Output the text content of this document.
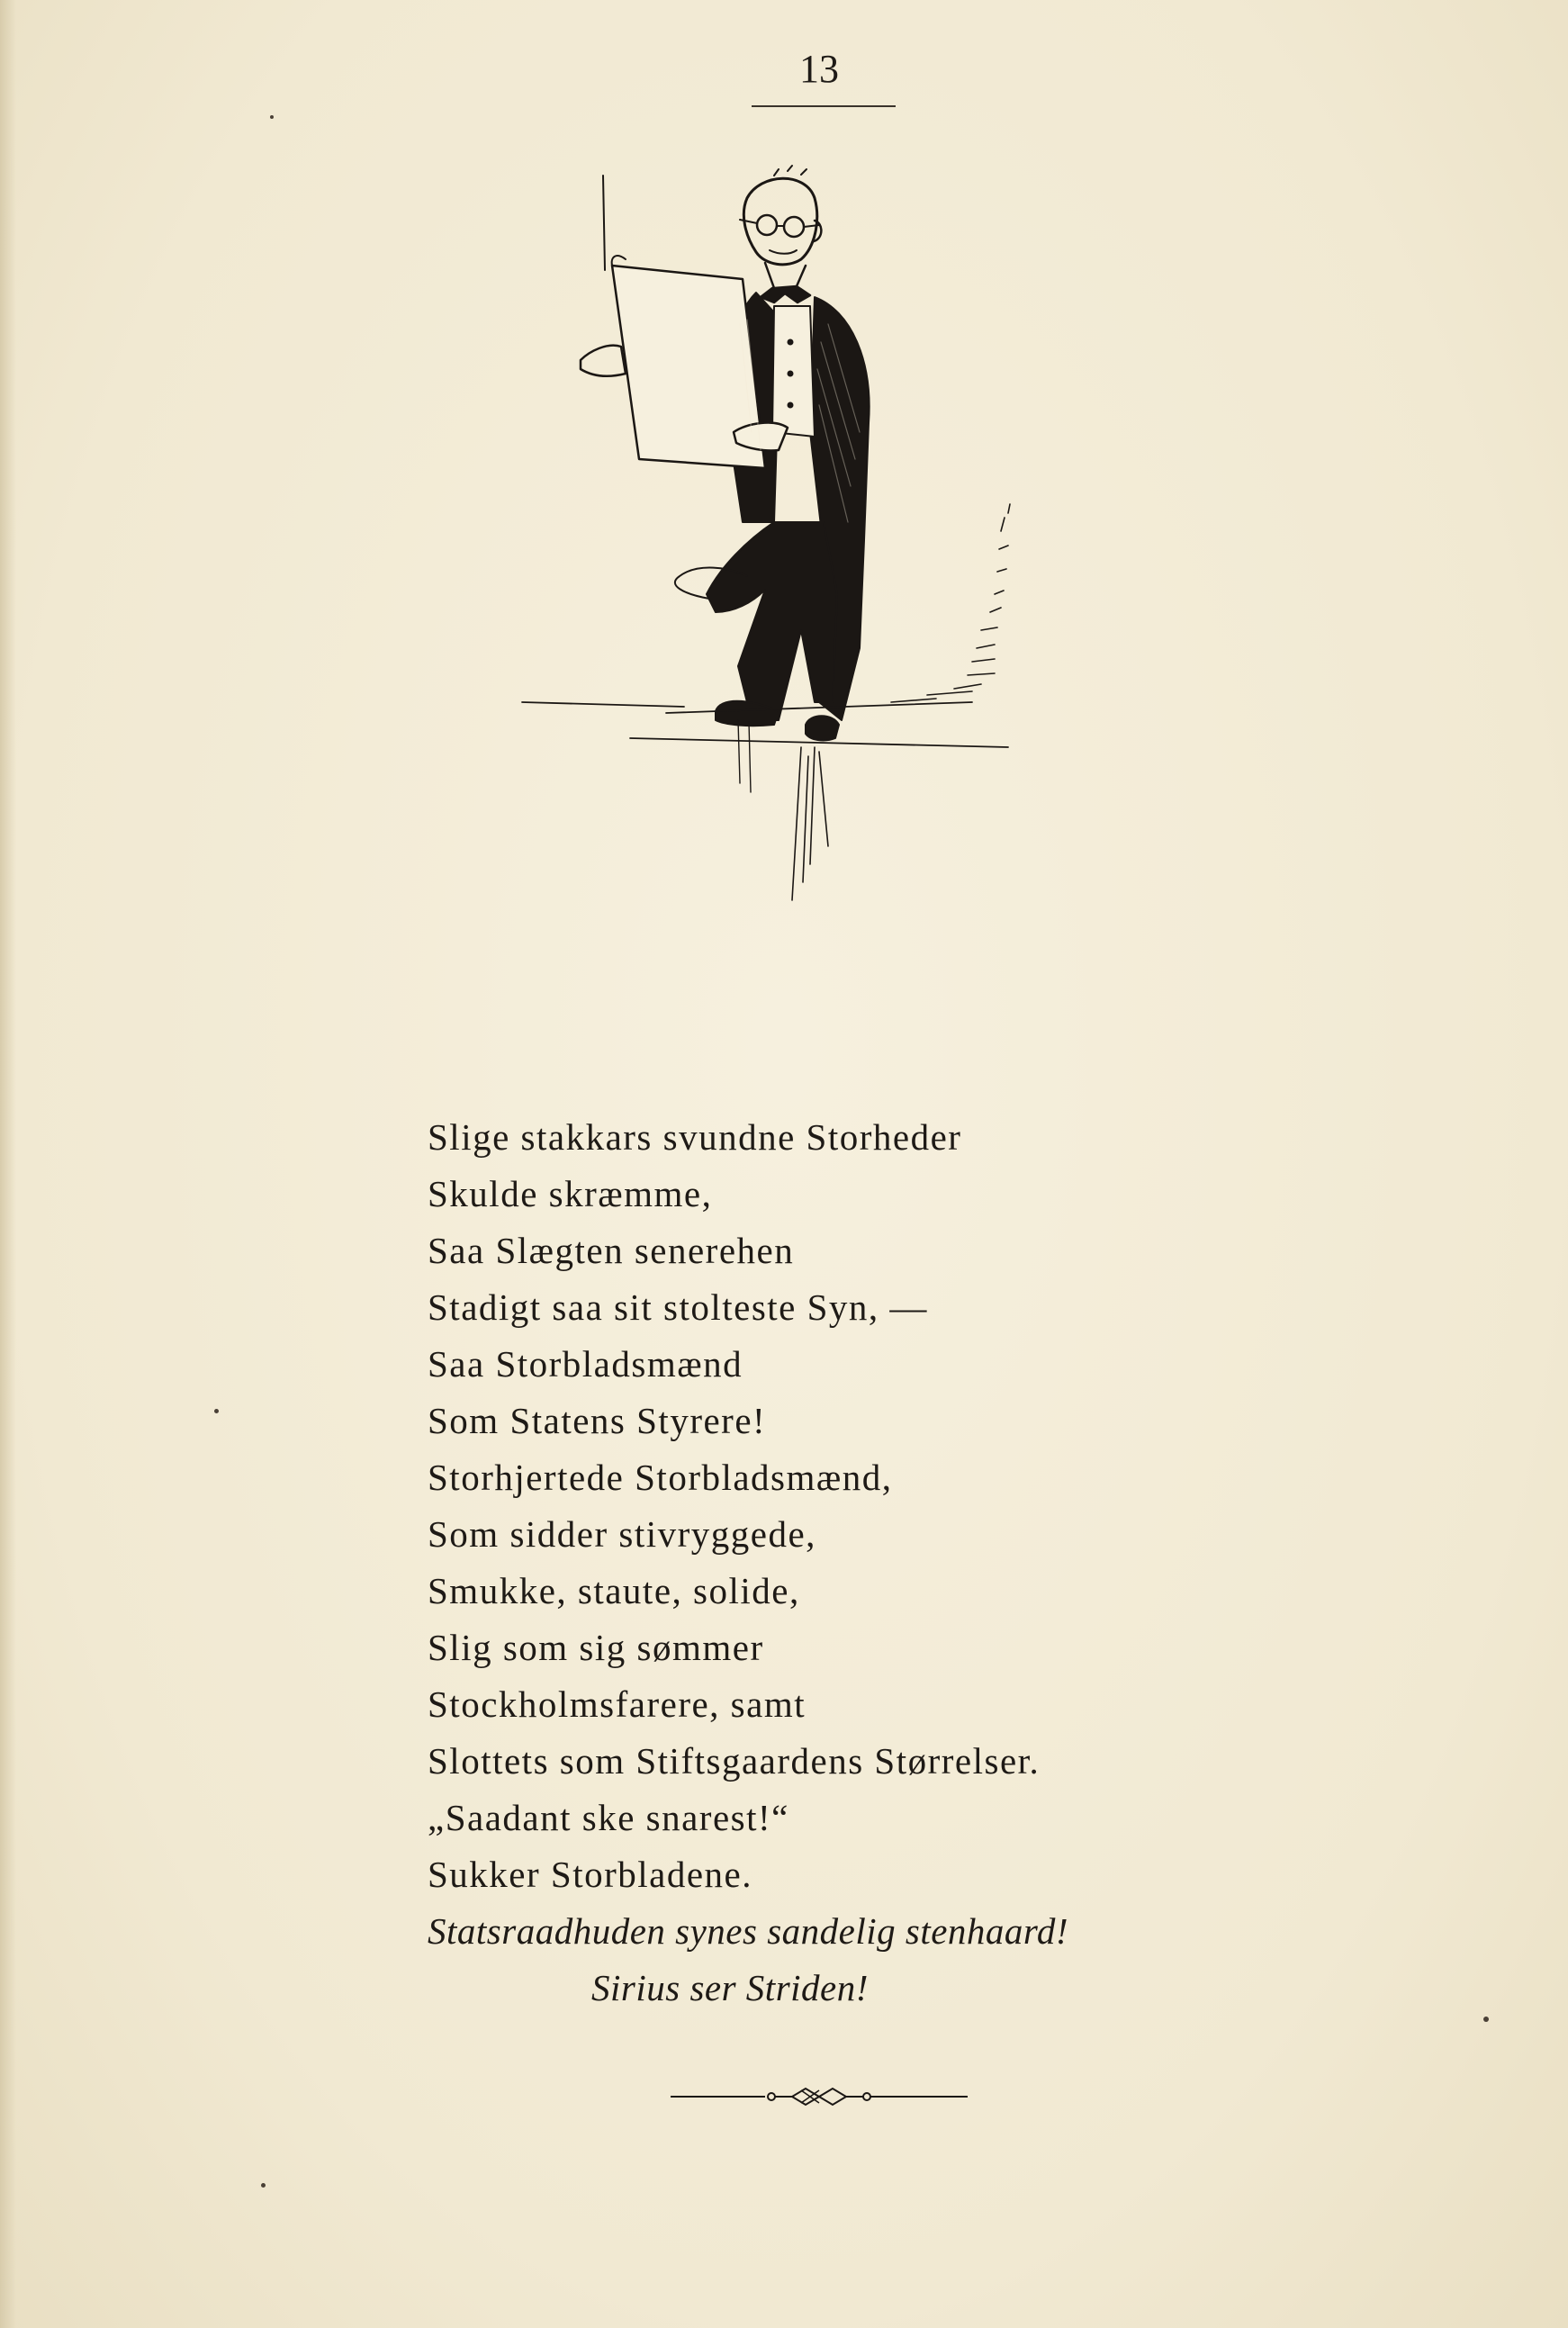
13
Slige stakkars svundne Storheder
Skulde skræmme,
Saa Slægten senerehen
Stadigt saa sit stolteste Syn, —
Saa Storbladsmænd
Som Statens Styrere!
Storhjertede Storbladsmænd,
Som sidder stivryggede,
Smukke, staute, solide,
Slig som sig sømmer
Stockholmsfarere, samt
Slottets som Stiftsgaardens Størrelser.
„Saadant ske snarest!“
Sukker Storbladene.
Statsraadhuden synes sandelig stenhaard!
Sirius ser Striden!
